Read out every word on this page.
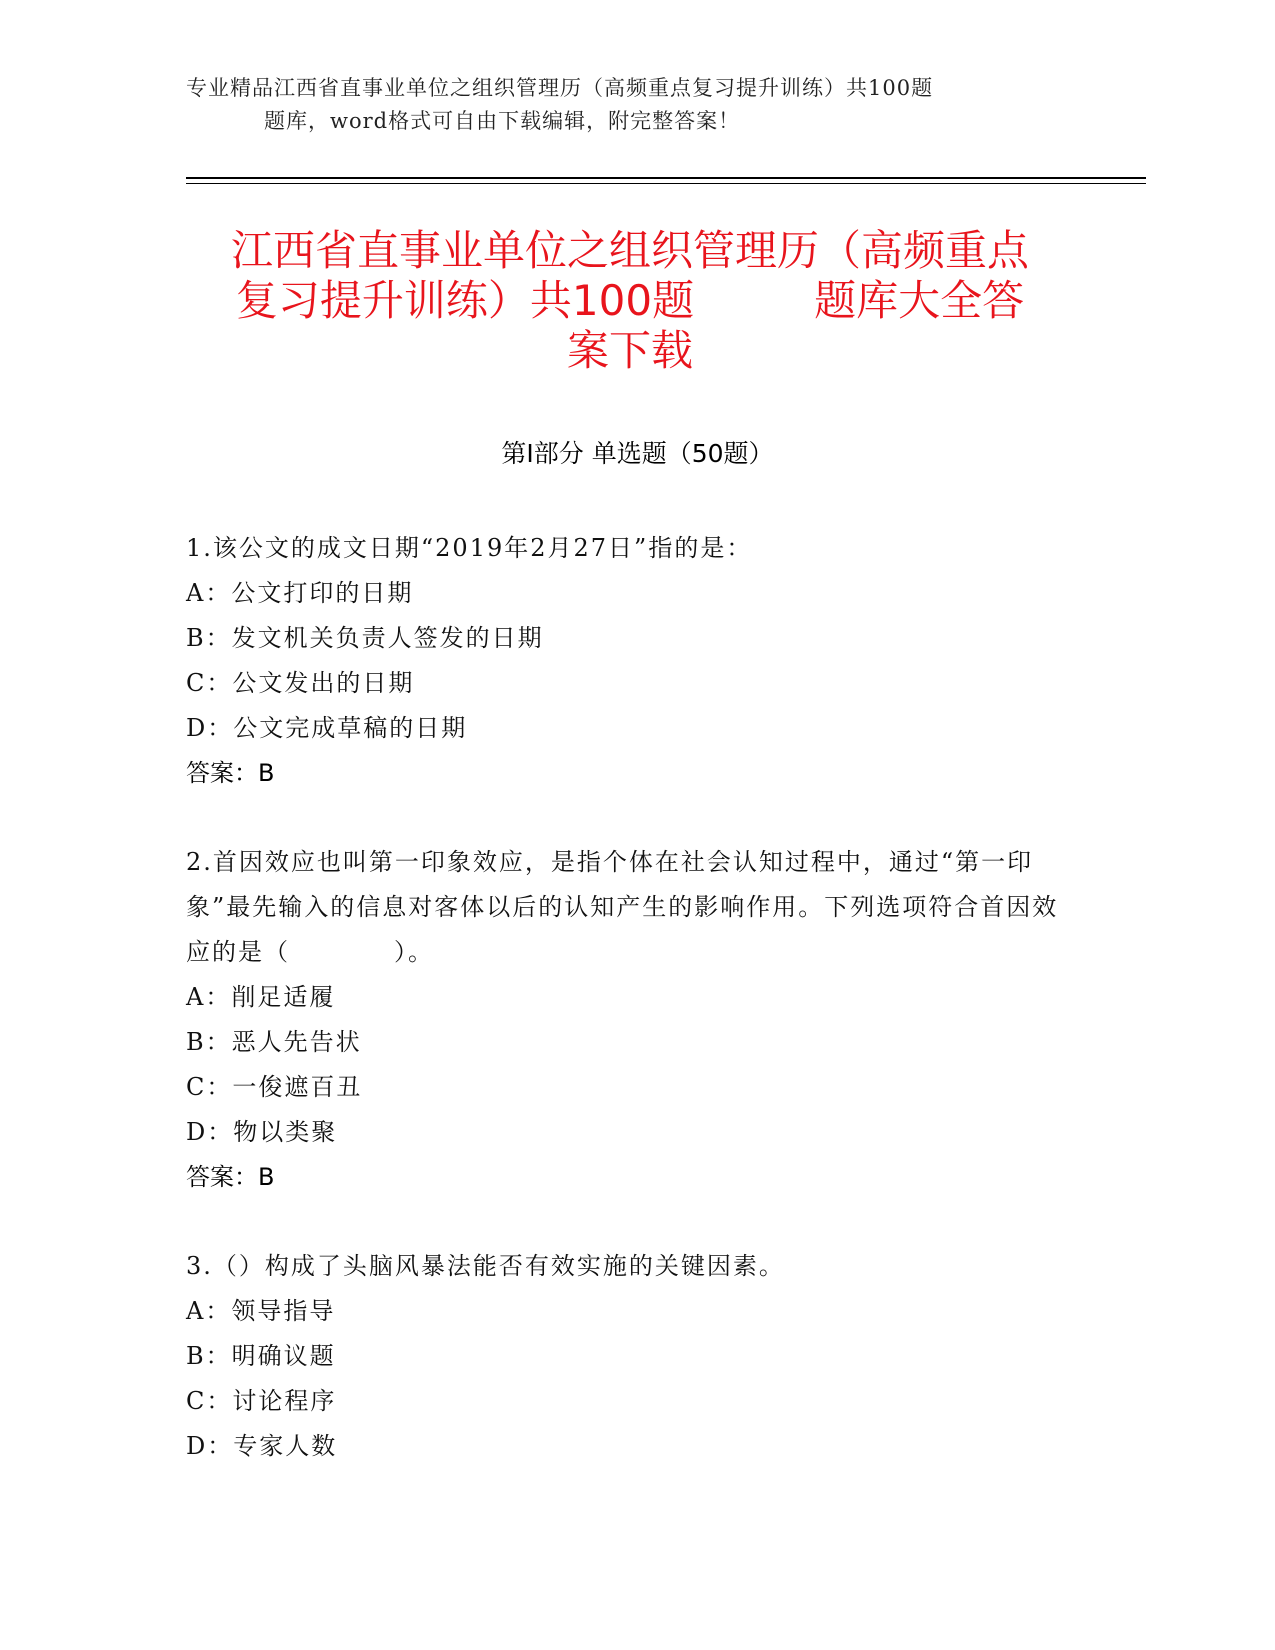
专业精品江西省直事业单位之组织管理历（高频重点复习提升训练）共100题
题库，word格式可自由下载编辑，附完整答案！
江西省直事业单位之组织管理历（高频重点
复习提升训练）共100题	题库大全答
案下载
第Ⅰ部分 单选题（50题）

1.该公文的成文日期“2019年2月27日”指的是：

A：公文打印的日期

B：发文机关负责人签发的日期

C：公文发出的日期

D：公文完成草稿的日期

答案：B

2.首因效应也叫第一印象效应，是指个体在社会认知过程中，通过“第一印象”最先输入的信息对客体以后的认知产生的影响作用。下列选项符合首因效应的是（　　　　）。

A：削足适履

B：恶人先告状

C：一俊遮百丑

D：物以类聚

答案：B

3.（）构成了头脑风暴法能否有效实施的关键因素。

A：领导指导

B：明确议题

C：讨论程序

D：专家人数
